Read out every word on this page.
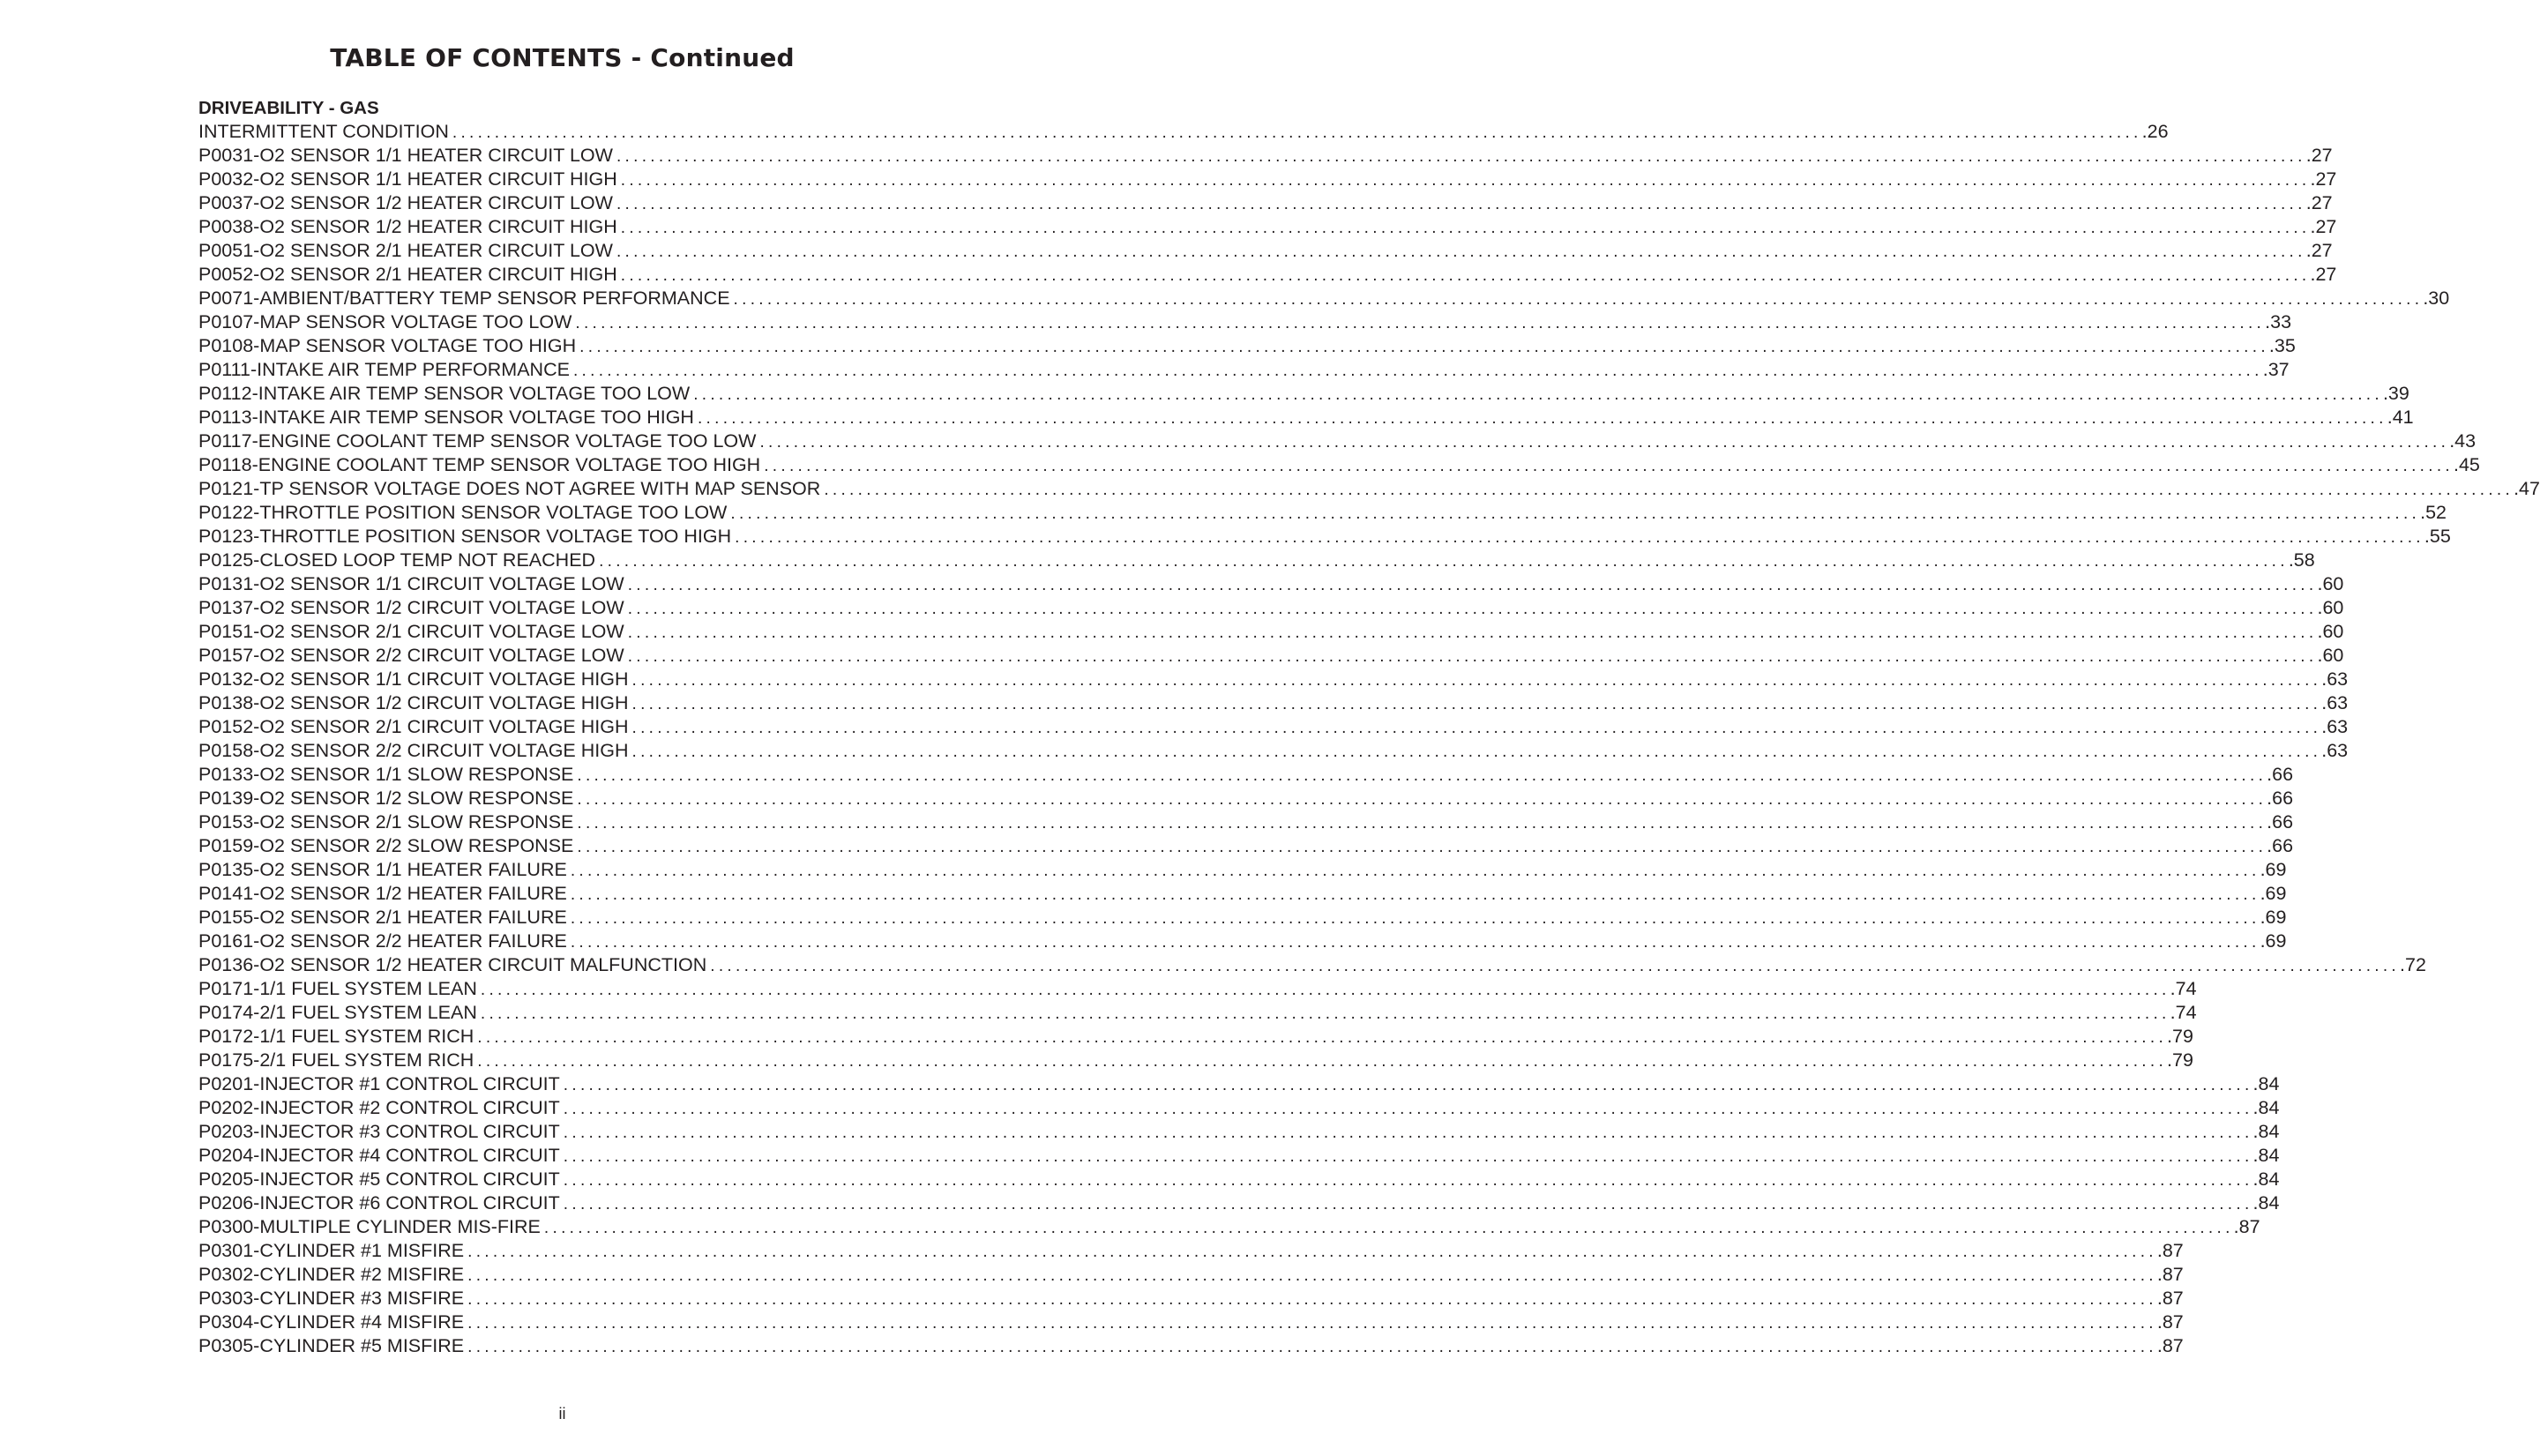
TABLE OF CONTENTS - Continued
DRIVEABILITY - GAS
INTERMITTENT CONDITION ........................................................................................................................................................................................................ .26
P0031-O2 SENSOR 1/1 HEATER CIRCUIT LOW ........................................................................................................................................................................................................ .27
P0032-O2 SENSOR 1/1 HEATER CIRCUIT HIGH ........................................................................................................................................................................................................ .27
P0037-O2 SENSOR 1/2 HEATER CIRCUIT LOW ........................................................................................................................................................................................................ .27
P0038-O2 SENSOR 1/2 HEATER CIRCUIT HIGH ........................................................................................................................................................................................................ .27
P0051-O2 SENSOR 2/1 HEATER CIRCUIT LOW ........................................................................................................................................................................................................ .27
P0052-O2 SENSOR 2/1 HEATER CIRCUIT HIGH ........................................................................................................................................................................................................ .27
P0071-AMBIENT/BATTERY TEMP SENSOR PERFORMANCE ........................................................................................................................................................................................................ .30
P0107-MAP SENSOR VOLTAGE TOO LOW ........................................................................................................................................................................................................ .33
P0108-MAP SENSOR VOLTAGE TOO HIGH ........................................................................................................................................................................................................ .35
P0111-INTAKE AIR TEMP PERFORMANCE ........................................................................................................................................................................................................ .37
P0112-INTAKE AIR TEMP SENSOR VOLTAGE TOO LOW ........................................................................................................................................................................................................ .39
P0113-INTAKE AIR TEMP SENSOR VOLTAGE TOO HIGH ........................................................................................................................................................................................................ .41
P0117-ENGINE COOLANT TEMP SENSOR VOLTAGE TOO LOW ........................................................................................................................................................................................................ .43
P0118-ENGINE COOLANT TEMP SENSOR VOLTAGE TOO HIGH ........................................................................................................................................................................................................ .45
P0121-TP SENSOR VOLTAGE DOES NOT AGREE WITH MAP SENSOR ........................................................................................................................................................................................................ .47
P0122-THROTTLE POSITION SENSOR VOLTAGE TOO LOW ........................................................................................................................................................................................................ .52
P0123-THROTTLE POSITION SENSOR VOLTAGE TOO HIGH ........................................................................................................................................................................................................ .55
P0125-CLOSED LOOP TEMP NOT REACHED ........................................................................................................................................................................................................ .58
P0131-O2 SENSOR 1/1 CIRCUIT VOLTAGE LOW ........................................................................................................................................................................................................ .60
P0137-O2 SENSOR 1/2 CIRCUIT VOLTAGE LOW ........................................................................................................................................................................................................ .60
P0151-O2 SENSOR 2/1 CIRCUIT VOLTAGE LOW ........................................................................................................................................................................................................ .60
P0157-O2 SENSOR 2/2 CIRCUIT VOLTAGE LOW ........................................................................................................................................................................................................ .60
P0132-O2 SENSOR 1/1 CIRCUIT VOLTAGE HIGH ........................................................................................................................................................................................................ .63
P0138-O2 SENSOR 1/2 CIRCUIT VOLTAGE HIGH ........................................................................................................................................................................................................ .63
P0152-O2 SENSOR 2/1 CIRCUIT VOLTAGE HIGH ........................................................................................................................................................................................................ .63
P0158-O2 SENSOR 2/2 CIRCUIT VOLTAGE HIGH ........................................................................................................................................................................................................ .63
P0133-O2 SENSOR 1/1 SLOW RESPONSE ........................................................................................................................................................................................................ .66
P0139-O2 SENSOR 1/2 SLOW RESPONSE ........................................................................................................................................................................................................ .66
P0153-O2 SENSOR 2/1 SLOW RESPONSE ........................................................................................................................................................................................................ .66
P0159-O2 SENSOR 2/2 SLOW RESPONSE ........................................................................................................................................................................................................ .66
P0135-O2 SENSOR 1/1 HEATER FAILURE ........................................................................................................................................................................................................ .69
P0141-O2 SENSOR 1/2 HEATER FAILURE ........................................................................................................................................................................................................ .69
P0155-O2 SENSOR 2/1 HEATER FAILURE ........................................................................................................................................................................................................ .69
P0161-O2 SENSOR 2/2 HEATER FAILURE ........................................................................................................................................................................................................ .69
P0136-O2 SENSOR 1/2 HEATER CIRCUIT MALFUNCTION ........................................................................................................................................................................................................ .72
P0171-1/1 FUEL SYSTEM LEAN ........................................................................................................................................................................................................ .74
P0174-2/1 FUEL SYSTEM LEAN ........................................................................................................................................................................................................ .74
P0172-1/1 FUEL SYSTEM RICH ........................................................................................................................................................................................................ .79
P0175-2/1 FUEL SYSTEM RICH ........................................................................................................................................................................................................ .79
P0201-INJECTOR #1 CONTROL CIRCUIT ........................................................................................................................................................................................................ .84
P0202-INJECTOR #2 CONTROL CIRCUIT ........................................................................................................................................................................................................ .84
P0203-INJECTOR #3 CONTROL CIRCUIT ........................................................................................................................................................................................................ .84
P0204-INJECTOR #4 CONTROL CIRCUIT ........................................................................................................................................................................................................ .84
P0205-INJECTOR #5 CONTROL CIRCUIT ........................................................................................................................................................................................................ .84
P0206-INJECTOR #6 CONTROL CIRCUIT ........................................................................................................................................................................................................ .84
P0300-MULTIPLE CYLINDER MIS-FIRE ........................................................................................................................................................................................................ .87
P0301-CYLINDER #1 MISFIRE ........................................................................................................................................................................................................ .87
P0302-CYLINDER #2 MISFIRE ........................................................................................................................................................................................................ .87
P0303-CYLINDER #3 MISFIRE ........................................................................................................................................................................................................ .87
P0304-CYLINDER #4 MISFIRE ........................................................................................................................................................................................................ .87
P0305-CYLINDER #5 MISFIRE ........................................................................................................................................................................................................ .87
ii
